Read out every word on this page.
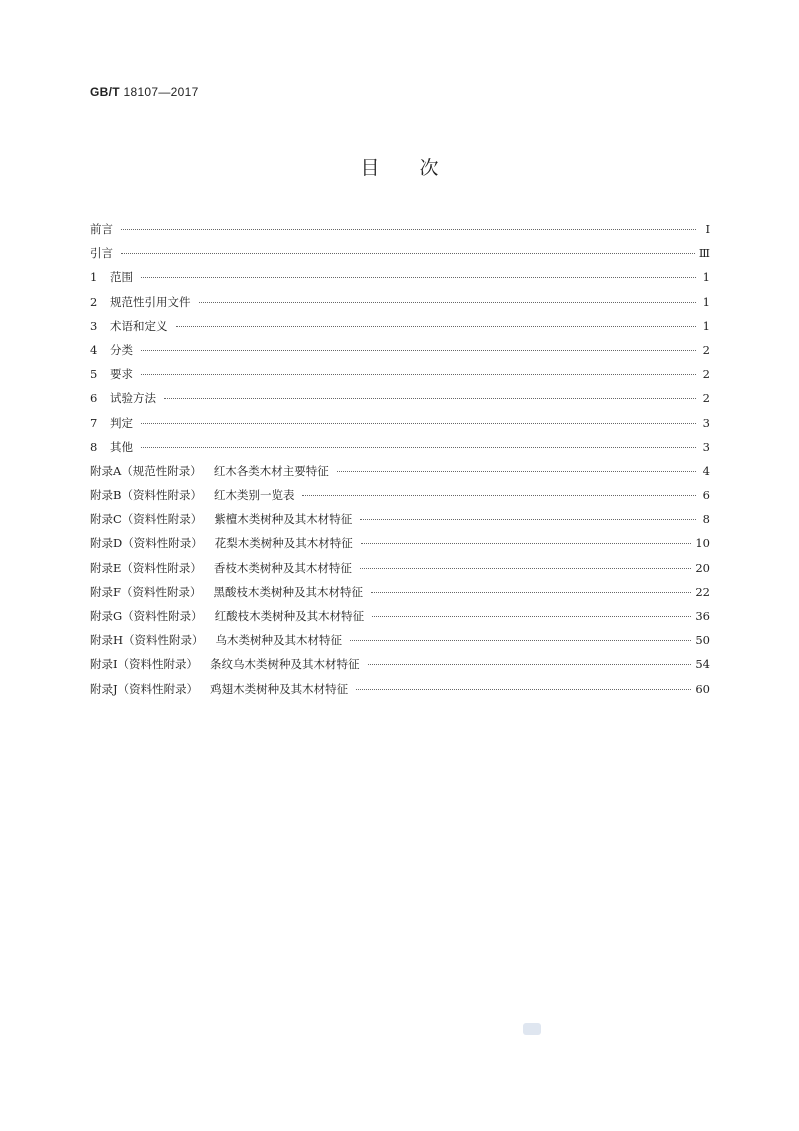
GB/T 18107—2017
目次
前言	Ⅰ
引言	Ⅲ
1	范围	1
2	规范性引用文件	1
3	术语和定义	1
4	分类	2
5	要求	2
6	试验方法	2
7	判定	3
8	其他	3
附录A（规范性附录） 红木各类木材主要特征	4
附录B（资料性附录） 红木类别一览表	6
附录C（资料性附录） 紫檀木类树种及其木材特征	8
附录D（资料性附录） 花梨木类树种及其木材特征	10
附录E（资料性附录） 香枝木类树种及其木材特征	20
附录F（资料性附录） 黑酸枝木类树种及其木材特征	22
附录G（资料性附录） 红酸枝木类树种及其木材特征	36
附录H（资料性附录） 乌木类树种及其木材特征	50
附录I（资料性附录） 条纹乌木类树种及其木材特征	54
附录J（资料性附录） 鸡翅木类树种及其木材特征	60
